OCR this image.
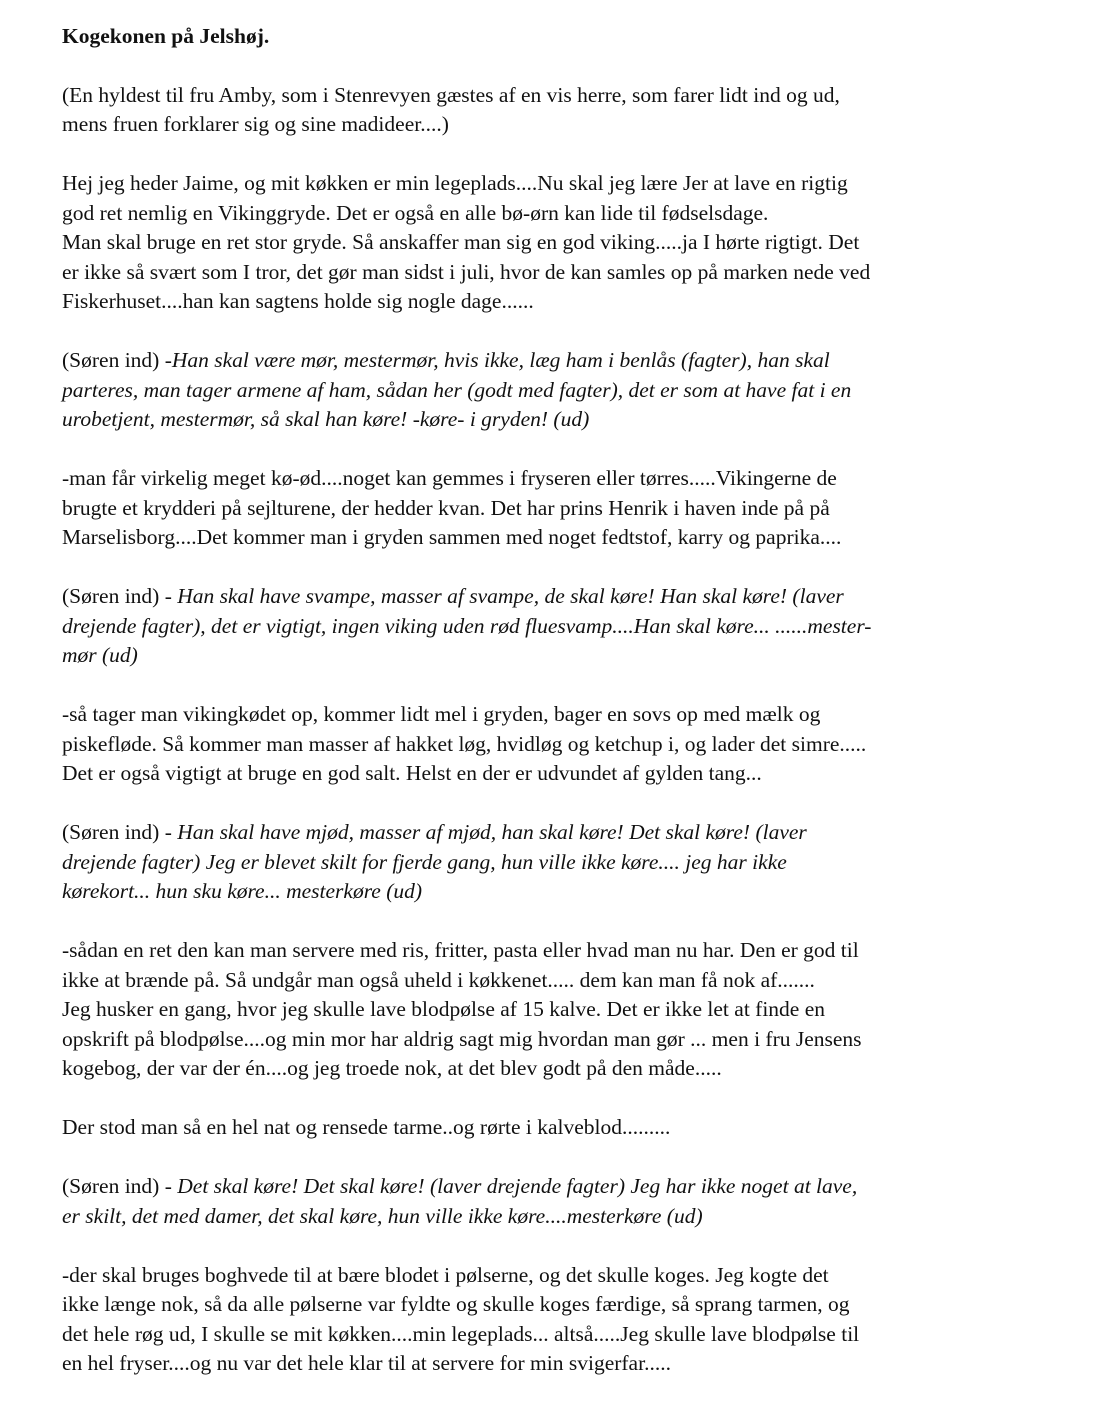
Kogekonen på Jelshøj.
(En hyldest til fru Amby, som i Stenrevyen gæstes af en vis herre, som farer lidt ind og ud,
mens fruen forklarer sig og sine madideer....)
Hej jeg heder Jaime, og mit køkken er min legeplads....Nu skal jeg lære Jer at lave en rigtig
god ret nemlig en Vikinggryde. Det er også en alle bø-ørn kan lide til fødselsdage.
Man skal bruge en ret stor gryde. Så anskaffer man sig en god viking.....ja I hørte rigtigt. Det
er ikke så svært som I tror, det gør man sidst i juli, hvor de kan samles op på marken nede ved
Fiskerhuset....han kan sagtens holde sig nogle dage......
(Søren ind) -Han skal være mør, mestermør, hvis ikke, læg ham i benlås (fagter), han skal
parteres, man tager armene af ham, sådan her (godt med fagter), det er som at have fat i en
urobetjent, mestermør, så skal han køre! -køre- i gryden! (ud)
-man får virkelig meget kø-ød....noget kan gemmes i fryseren eller tørres.....Vikingerne de
brugte et krydderi på sejlturene, der hedder kvan. Det har prins Henrik i haven inde på på
Marselisborg....Det kommer man i gryden sammen med noget fedtstof, karry og paprika....
(Søren ind) - Han skal have svampe, masser af svampe, de skal køre! Han skal køre! (laver
drejende fagter), det er vigtigt, ingen viking uden rød fluesvamp....Han skal køre... ......mester-
mør (ud)
-så tager man vikingkødet op, kommer lidt mel i gryden, bager en sovs op med mælk og
piskefløde. Så kommer man masser af hakket løg, hvidløg og ketchup i, og lader det simre.....
Det er også vigtigt at bruge en god salt. Helst en der er udvundet af gylden tang...
(Søren ind) - Han skal have mjød, masser af mjød, han skal køre! Det skal køre! (laver
drejende fagter) Jeg er blevet skilt for fjerde gang, hun ville ikke køre.... jeg har ikke
kørekort... hun sku køre... mesterkøre (ud)
-sådan en ret den kan man servere med ris, fritter, pasta eller hvad man nu har. Den er god til
ikke at brænde på. Så undgår man også uheld i køkkenet..... dem kan man få nok af.......
Jeg husker en gang, hvor jeg skulle lave blodpølse af 15 kalve. Det er ikke let at finde en
opskrift på blodpølse....og min mor har aldrig sagt mig hvordan man gør ... men i fru Jensens
kogebog, der var der én....og jeg troede nok, at det blev godt på den måde.....
Der stod man så en hel nat og rensede tarme..og rørte i kalveblod.........
(Søren ind) - Det skal køre! Det skal køre! (laver drejende fagter) Jeg har ikke noget at lave,
er skilt, det med damer, det skal køre, hun ville ikke køre....mesterkøre (ud)
-der skal bruges boghvede til at bære blodet i pølserne, og det skulle koges. Jeg kogte det
ikke længe nok, så da alle pølserne var fyldte og skulle koges færdige, så sprang tarmen, og
det hele røg ud, I skulle se mit køkken....min legeplads... altså.....Jeg skulle lave blodpølse til
en hel fryser....og nu var det hele klar til at servere for min svigerfar.....
